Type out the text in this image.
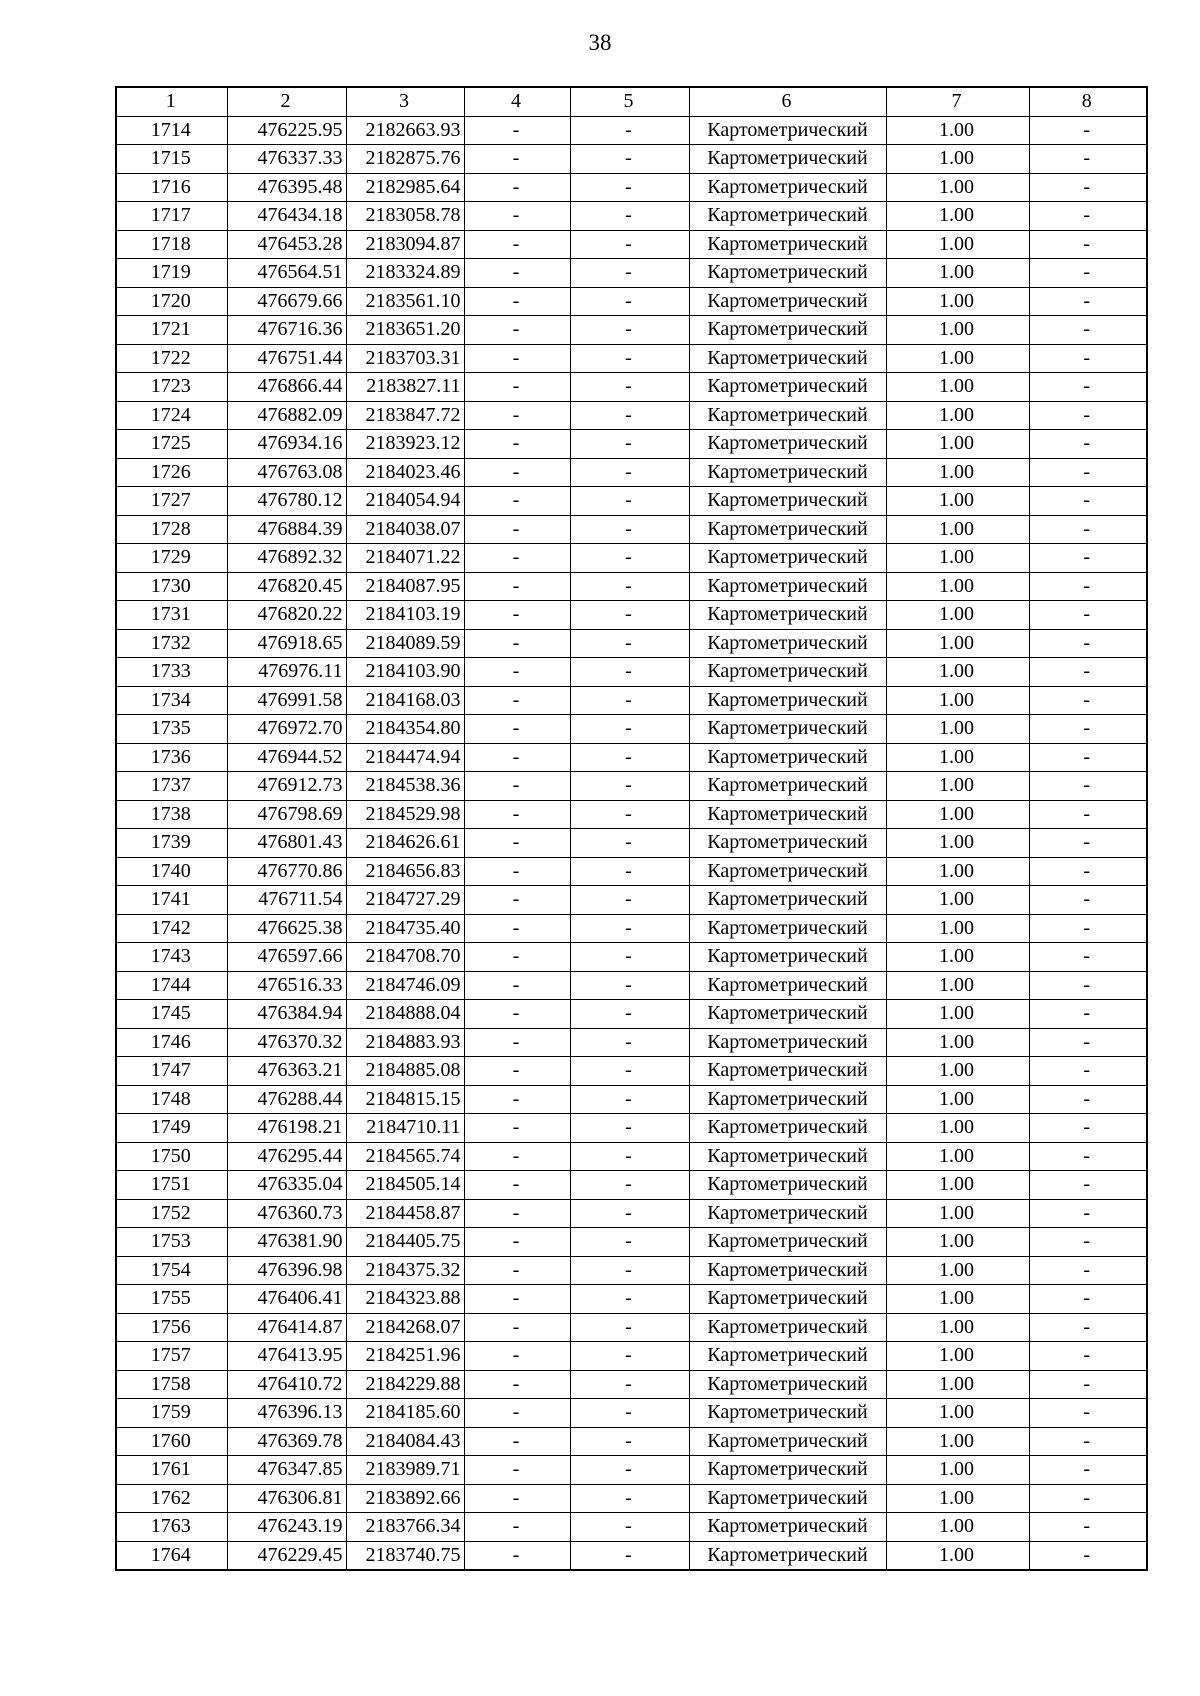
38
1	2	3	4	5	6	7	8
1714	476225.95	2182663.93	-	-	Картометрический	1.00	-
1715	476337.33	2182875.76	-	-	Картометрический	1.00	-
1716	476395.48	2182985.64	-	-	Картометрический	1.00	-
1717	476434.18	2183058.78	-	-	Картометрический	1.00	-
1718	476453.28	2183094.87	-	-	Картометрический	1.00	-
1719	476564.51	2183324.89	-	-	Картометрический	1.00	-
1720	476679.66	2183561.10	-	-	Картометрический	1.00	-
1721	476716.36	2183651.20	-	-	Картометрический	1.00	-
1722	476751.44	2183703.31	-	-	Картометрический	1.00	-
1723	476866.44	2183827.11	-	-	Картометрический	1.00	-
1724	476882.09	2183847.72	-	-	Картометрический	1.00	-
1725	476934.16	2183923.12	-	-	Картометрический	1.00	-
1726	476763.08	2184023.46	-	-	Картометрический	1.00	-
1727	476780.12	2184054.94	-	-	Картометрический	1.00	-
1728	476884.39	2184038.07	-	-	Картометрический	1.00	-
1729	476892.32	2184071.22	-	-	Картометрический	1.00	-
1730	476820.45	2184087.95	-	-	Картометрический	1.00	-
1731	476820.22	2184103.19	-	-	Картометрический	1.00	-
1732	476918.65	2184089.59	-	-	Картометрический	1.00	-
1733	476976.11	2184103.90	-	-	Картометрический	1.00	-
1734	476991.58	2184168.03	-	-	Картометрический	1.00	-
1735	476972.70	2184354.80	-	-	Картометрический	1.00	-
1736	476944.52	2184474.94	-	-	Картометрический	1.00	-
1737	476912.73	2184538.36	-	-	Картометрический	1.00	-
1738	476798.69	2184529.98	-	-	Картометрический	1.00	-
1739	476801.43	2184626.61	-	-	Картометрический	1.00	-
1740	476770.86	2184656.83	-	-	Картометрический	1.00	-
1741	476711.54	2184727.29	-	-	Картометрический	1.00	-
1742	476625.38	2184735.40	-	-	Картометрический	1.00	-
1743	476597.66	2184708.70	-	-	Картометрический	1.00	-
1744	476516.33	2184746.09	-	-	Картометрический	1.00	-
1745	476384.94	2184888.04	-	-	Картометрический	1.00	-
1746	476370.32	2184883.93	-	-	Картометрический	1.00	-
1747	476363.21	2184885.08	-	-	Картометрический	1.00	-
1748	476288.44	2184815.15	-	-	Картометрический	1.00	-
1749	476198.21	2184710.11	-	-	Картометрический	1.00	-
1750	476295.44	2184565.74	-	-	Картометрический	1.00	-
1751	476335.04	2184505.14	-	-	Картометрический	1.00	-
1752	476360.73	2184458.87	-	-	Картометрический	1.00	-
1753	476381.90	2184405.75	-	-	Картометрический	1.00	-
1754	476396.98	2184375.32	-	-	Картометрический	1.00	-
1755	476406.41	2184323.88	-	-	Картометрический	1.00	-
1756	476414.87	2184268.07	-	-	Картометрический	1.00	-
1757	476413.95	2184251.96	-	-	Картометрический	1.00	-
1758	476410.72	2184229.88	-	-	Картометрический	1.00	-
1759	476396.13	2184185.60	-	-	Картометрический	1.00	-
1760	476369.78	2184084.43	-	-	Картометрический	1.00	-
1761	476347.85	2183989.71	-	-	Картометрический	1.00	-
1762	476306.81	2183892.66	-	-	Картометрический	1.00	-
1763	476243.19	2183766.34	-	-	Картометрический	1.00	-
1764	476229.45	2183740.75	-	-	Картометрический	1.00	-
